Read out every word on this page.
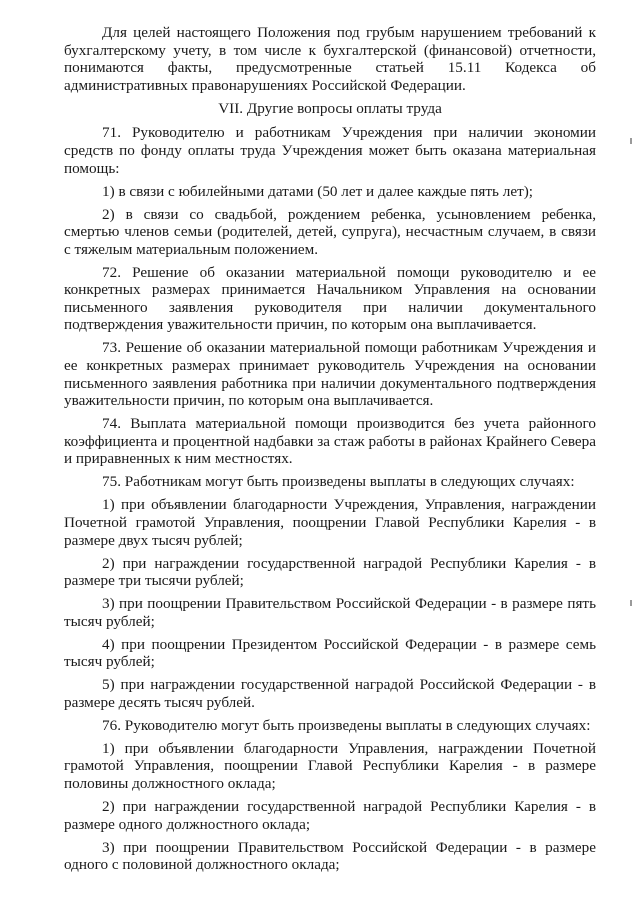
Для целей настоящего Положения под грубым нарушением требований к бухгалтерскому учету, в том числе к бухгалтерской (финансовой) отчетности, понимаются факты, предусмотренные статьей 15.11 Кодекса об административных правонарушениях Российской Федерации.

VII. Другие вопросы оплаты труда

71. Руководителю и работникам Учреждения при наличии экономии средств по фонду оплаты труда Учреждения может быть оказана материальная помощь:

1) в связи с юбилейными датами (50 лет и далее каждые пять лет);

2) в связи со свадьбой, рождением ребенка, усыновлением ребенка, смертью членов семьи (родителей, детей, супруга), несчастным случаем, в связи с тяжелым материальным положением.

72. Решение об оказании материальной помощи руководителю и ее конкретных размерах принимается Начальником Управления на основании письменного заявления руководителя при наличии документального подтверждения уважительности причин, по которым она выплачивается.

73. Решение об оказании материальной помощи работникам Учреждения и ее конкретных размерах принимает руководитель Учреждения на основании письменного заявления работника при наличии документального подтверждения уважительности причин, по которым она выплачивается.

74. Выплата материальной помощи производится без учета районного коэффициента и процентной надбавки за стаж работы в районах Крайнего Севера и приравненных к ним местностях.

75. Работникам могут быть произведены выплаты в следующих случаях:

1) при объявлении благодарности Учреждения, Управления, награждении Почетной грамотой Управления, поощрении Главой Республики Карелия - в размере двух тысяч рублей;

2) при награждении государственной наградой Республики Карелия - в размере три тысячи рублей;

3) при поощрении Правительством Российской Федерации - в размере пять тысяч рублей;

4) при поощрении Президентом Российской Федерации - в размере семь тысяч рублей;

5) при награждении государственной наградой Российской Федерации - в размере десять тысяч рублей.

76. Руководителю могут быть произведены выплаты в следующих случаях:

1) при объявлении благодарности Управления, награждении Почетной грамотой Управления, поощрении Главой Республики Карелия - в размере половины должностного оклада;

2) при награждении государственной наградой Республики Карелия - в размере одного должностного оклада;

3) при поощрении Правительством Российской Федерации - в размере одного с половиной должностного оклада;
